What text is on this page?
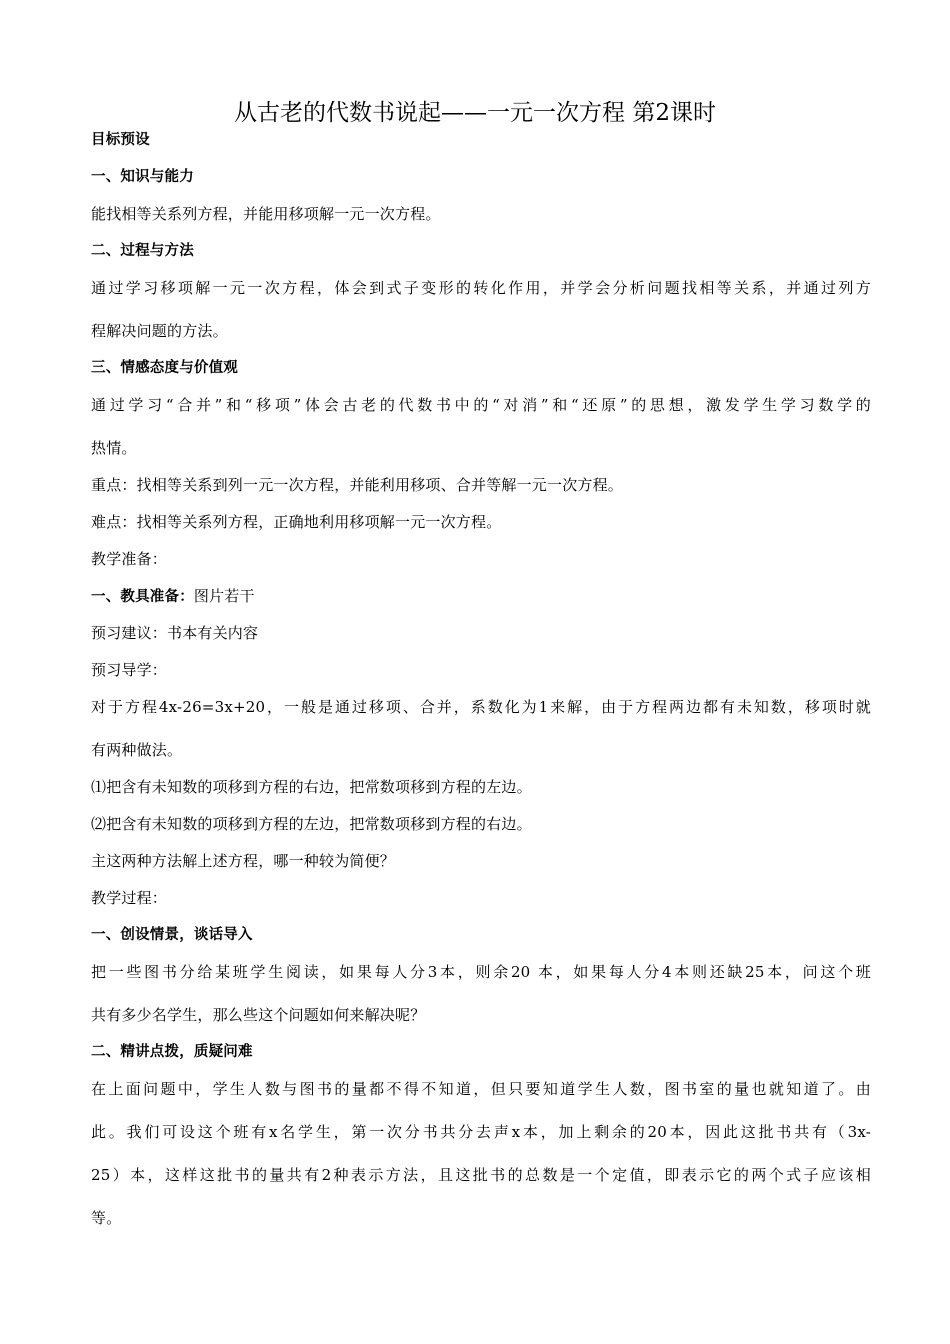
从古老的代数书说起——一元一次方程 第2课时
目标预设
一、知识与能力
能找相等关系列方程，并能用移项解一元一次方程。
二、过程与方法
通过学习移项解一元一次方程，体会到式子变形的转化作用，并学会分析问题找相等关系，并通过列方
程解决问题的方法。
三、情感态度与价值观
通过学习“合并”和“移项”体会古老的代数书中的“对消”和“还原”的思想，激发学生学习数学的
热情。
重点：找相等关系到列一元一次方程，并能利用移项、合并等解一元一次方程。
难点：找相等关系列方程，正确地利用移项解一元一次方程。
教学准备：
一、教具准备：图片若干
预习建议：书本有关内容
预习导学：
对于方程4x-26=3x+20，一般是通过移项、合并，系数化为1来解，由于方程两边都有未知数，移项时就
有两种做法。
⑴把含有未知数的项移到方程的右边，把常数项移到方程的左边。
⑵把含有未知数的项移到方程的左边，把常数项移到方程的右边。
主这两种方法解上述方程，哪一种较为简便？
教学过程：
一、创设情景，谈话导入
把一些图书分给某班学生阅读，如果每人分3本，则余20 本，如果每人分4本则还缺25本，问这个班
共有多少名学生，那么些这个问题如何来解决呢？
二、精讲点拨，质疑问难
在上面问题中，学生人数与图书的量都不得不知道，但只要知道学生人数，图书室的量也就知道了。由
此。我们可设这个班有x名学生，第一次分书共分去声x本，加上剩余的20本，因此这批书共有（3x-
25）本，这样这批书的量共有2种表示方法，且这批书的总数是一个定值，即表示它的两个式子应该相
等。
